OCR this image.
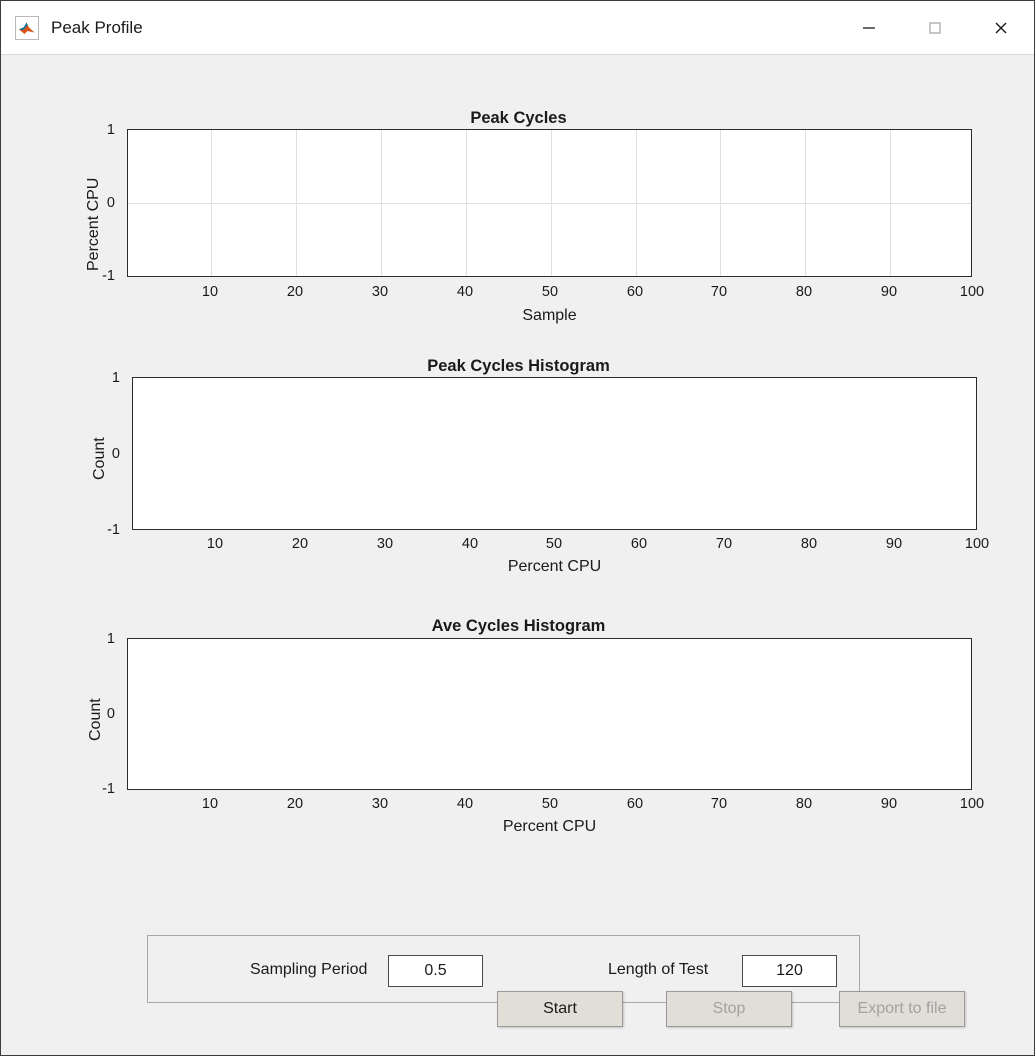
Peak Profile
Peak Cycles
1
0
-1
10	20	30	40	50	60	70	80	90	100
Sample
Percent CPU
Peak Cycles Histogram
1
0
-1
10	20	30	40	50	60	70	80	90	100
Percent CPU
Count
Ave Cycles Histogram
1
0
-1
10	20	30	40	50	60	70	80	90	100
Percent CPU
Count
Sampling Period
0.5	Length of Test
120
Start	Stop	Export to file
